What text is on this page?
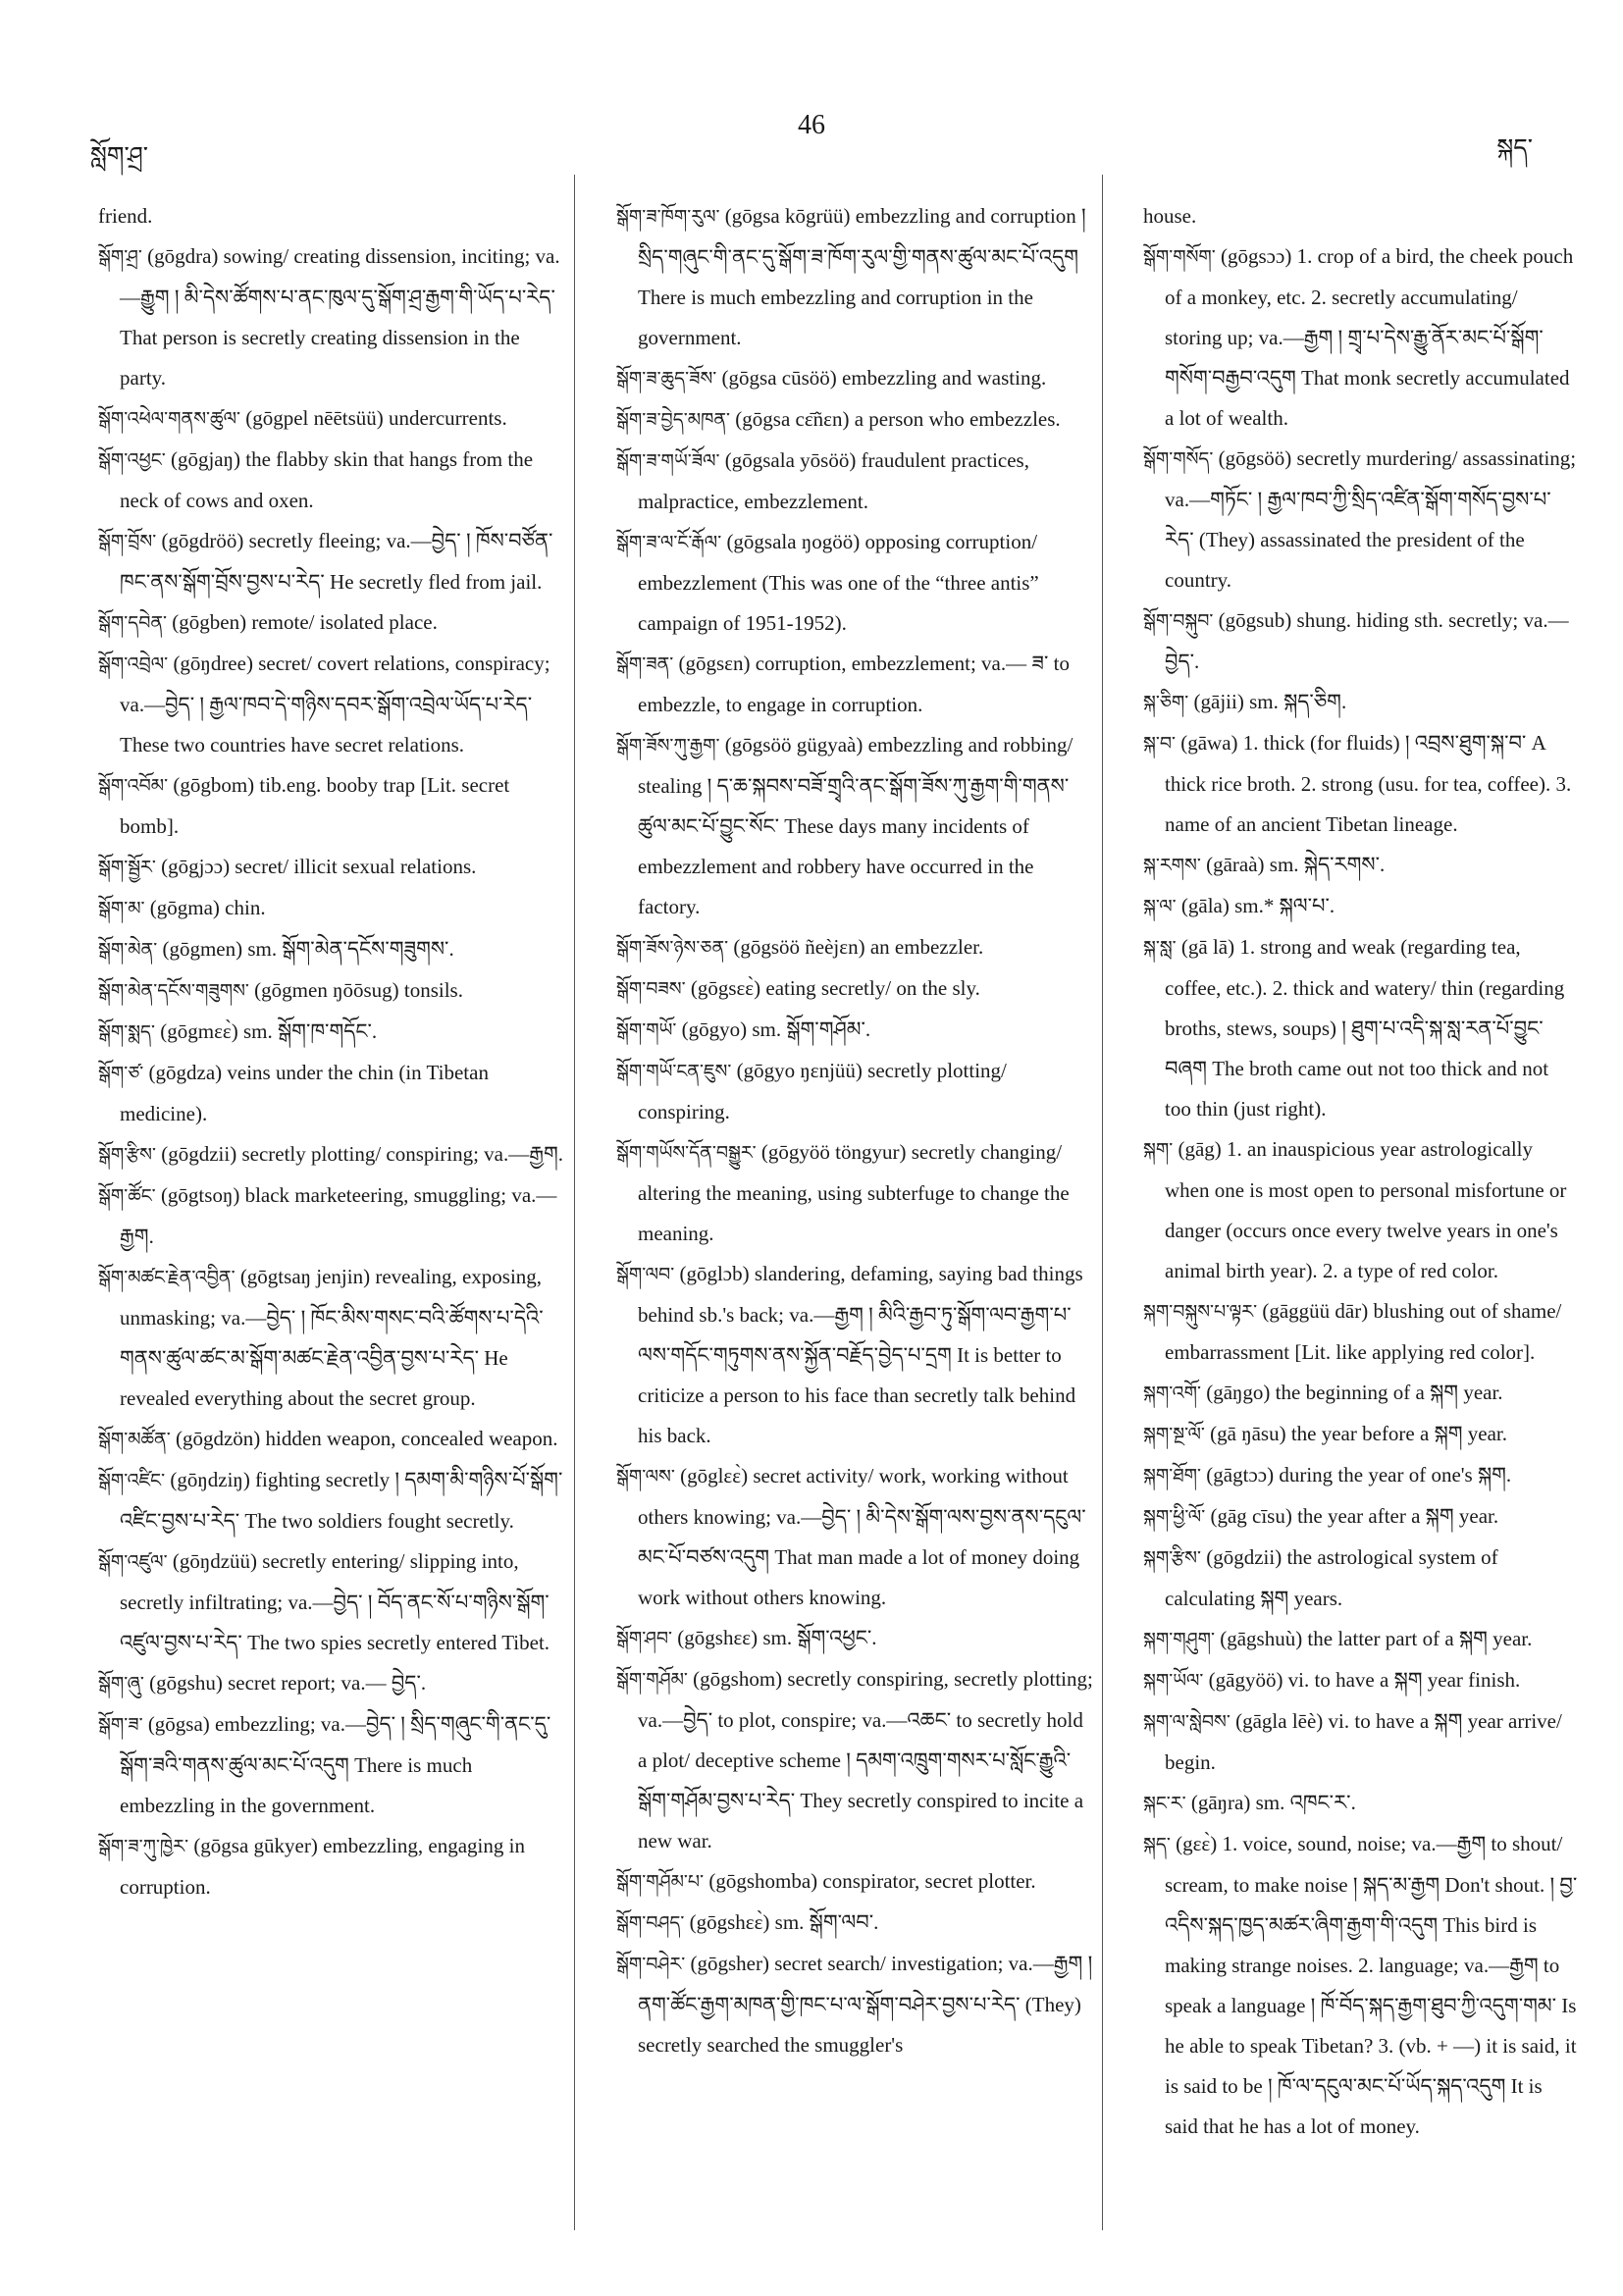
སློག་ཤྲ་
46
སྐད་

friend.

སྒོག་ཤྲ་ (gōgdra) sowing/ creating dissension, inciting; va.—རྒྱུག ། མི་དེས་ཚོགས་པ་ནང་ཁུལ་དུ་སྒོག་ཤྲ་རྒྱག་གི་ཡོད་པ་རེད་ That person is secretly creating dissension in the party.

སྒོག་འཕེལ་གནས་ཚུལ་ (gōgpel nēētsüü) undercurrents.

སྒོག་འཕྱང་ (gōgjaŋ) the flabby skin that hangs from the neck of cows and oxen.

སྒོག་བྲོས་ (gōgdröö) secretly fleeing; va.—བྱེད་ ། ཁོས་བཙོན་ཁང་ནས་སྒོག་བྲོས་བྱས་པ་རེད་ He secretly fled from jail.

སྒོག་དབེན་ (gōgben) remote/ isolated place.

སྒོག་འབྲེལ་ (gōŋdree) secret/ covert relations, conspiracy; va.—བྱེད་ ། རྒྱལ་ཁབ་དེ་གཉིས་དབར་སྒོག་འབྲེལ་ཡོད་པ་རེད་ These two countries have secret relations.

སྒོག་འབོམ་ (gōgbom) tib.eng. booby trap [Lit. secret bomb].

སྒོག་སྦྱོར་ (gōgjɔɔ) secret/ illicit sexual relations.

སྒོག་མ་ (gōgma) chin.

སྒོག་མེན་ (gōgmen) sm. སྒོག་མེན་དངོས་གཟུགས་.

སྒོག་མེན་དངོས་གཟུགས་ (gōgmen ŋōōsug) tonsils.

སྒོག་སྨད་ (gōgmɛɛ̀) sm. སྒོག་ཁ་གདོང་.

སྒོག་ཙ་ (gōgdza) veins under the chin (in Tibetan medicine).

སྒོག་རྩིས་ (gōgdzii) secretly plotting/ conspiring; va.—རྒྱག.

སྒོག་ཚོང་ (gōgtsoŋ) black marketeering, smuggling; va.—རྒྱག.

སྒོག་མཚང་རྗེན་འབྱིན་ (gōgtsaŋ jenjin) revealing, exposing, unmasking; va.—བྱེད་ ། ཁོང་མིས་གསང་བའི་ཚོགས་པ་དེའི་གནས་ཚུལ་ཚང་མ་སྒོག་མཚང་རྗེན་འབྱིན་བྱས་པ་རེད་ He revealed everything about the secret group.

སྒོག་མཚོན་ (gōgdzön) hidden weapon, concealed weapon.

སྒོག་འཛིང་ (gōŋdziŋ) fighting secretly ། དམག་མི་གཉིས་པོ་སྒོག་འཛིང་བྱས་པ་རེད་ The two soldiers fought secretly.

སྒོག་འཛུལ་ (gōŋdzüü) secretly entering/ slipping into, secretly infiltrating; va.—བྱེད་ ། བོད་ནང་སོ་པ་གཉིས་སྒོག་འཛུལ་བྱས་པ་རེད་ The two spies secretly entered Tibet.

སྒོག་ཞུ་ (gōgshu) secret report; va.— བྱེད་.

སྒོག་ཟ་ (gōgsa) embezzling; va.—བྱེད་ ། སྲིད་གཞུང་གི་ནང་དུ་སྒོག་ཟའི་གནས་ཚུལ་མང་པོ་འདུག There is much embezzling in the government.

སྒོག་ཟ་ཀུ་ཁྱེར་ (gōgsa gūkyer) embezzling, engaging in corruption.

སྒོག་ཟ་ཁོག་རུལ་ (gōgsa kōgrüü) embezzling and corruption ། སྲིད་གཞུང་གི་ནང་དུ་སྒོག་ཟ་ཁོག་རུལ་གྱི་གནས་ཚུལ་མང་པོ་འདུག There is much embezzling and corruption in the government.

སྒོག་ཟ་ཆུད་ཟོས་ (gōgsa cūsöö) embezzling and wasting.

སྒོག་ཟ་བྱེད་མཁན་ (gōgsa cɛ̄ñɛn) a person who embezzles.

སྒོག་ཟ་གཡོ་ཟོལ་ (gōgsala yōsöö) fraudulent practices, malpractice, embezzlement.

སྒོག་ཟ་ལ་ངོ་རྒོལ་ (gōgsala ŋogöö) opposing corruption/ embezzlement (This was one of the “three antis” campaign of 1951-1952).

སྒོག་ཟན་ (gōgsɛn) corruption, embezzlement; va.— ཟ་ to embezzle, to engage in corruption.

སྒོག་ཟོས་ཀུ་རྒྱག་ (gōgsöö gügyaà) embezzling and robbing/ stealing ། ད་ཆ་སྐབས་བཟོ་གྲྭའི་ནང་སྒོག་ཟོས་ཀུ་རྒྱག་གི་གནས་ཚུལ་མང་པོ་བྱུང་སོང་ These days many incidents of embezzlement and robbery have occurred in the factory.

སྒོག་ཟོས་ཉེས་ཅན་ (gōgsöö ñeèjɛn) an embezzler.

སྒོག་བཟས་ (gōgsɛɛ̀) eating secretly/ on the sly.

སྒོག་གཡོ་ (gōgyo) sm. སྒོག་གཤོམ་.

སྒོག་གཡོ་ངན་ཇུས་ (gōgyo ŋɛnjüü) secretly plotting/ conspiring.

སྒོག་གཡོས་དོན་བསྒྱུར་ (gōgyöö töngyur) secretly changing/ altering the meaning, using subterfuge to change the meaning.

སྒོག་ལབ་ (gōglɔb) slandering, defaming, saying bad things behind sb.'s back; va.—རྒྱག ། མིའི་རྒྱབ་ཏུ་སྒོག་ལབ་རྒྱག་པ་ལས་གདོང་གཏུགས་ནས་སྐྱོན་བརྗོད་བྱེད་པ་དྲག It is better to criticize a person to his face than secretly talk behind his back.

སྒོག་ལས་ (gōglɛɛ̀) secret activity/ work, working without others knowing; va.—བྱེད་ ། མི་དེས་སྒོག་ལས་བྱས་ནས་དངུལ་མང་པོ་བཙས་འདུག That man made a lot of money doing work without others knowing.

སྒོག་ཤབ་ (gōgshɛɛ) sm. སྒོག་འཕྱང་.

སྒོག་གཤོམ་ (gōgshom) secretly conspiring, secretly plotting; va.—བྱེད་ to plot, conspire; va.—འཆང་ to secretly hold a plot/ deceptive scheme ། དམག་འཁྲུག་གསར་པ་སློང་རྒྱུའི་སྒོག་གཤོམ་བྱས་པ་རེད་ They secretly conspired to incite a new war.

སྒོག་གཤོམ་པ་ (gōgshomba) conspirator, secret plotter.

སྒོག་བཤད་ (gōgshɛɛ̀) sm. སྒོག་ལབ་.

སྒོག་བཤེར་ (gōgsher) secret search/ investigation; va.—རྒྱག ། ནག་ཚོང་རྒྱག་མཁན་གྱི་ཁང་པ་ལ་སྒོག་བཤེར་བྱས་པ་རེད་ (They) secretly searched the smuggler's

house.

སྒོག་གསོག་ (gōgsɔɔ) 1. crop of a bird, the cheek pouch of a monkey, etc. 2. secretly accumulating/ storing up; va.—རྒྱག ། གྲྭ་པ་དེས་རྒྱུ་ནོར་མང་པོ་སྒོག་གསོག་བརྒྱབ་འདུག That monk secretly accumulated a lot of wealth.

སྒོག་གསོད་ (gōgsöö) secretly murdering/ assassinating; va.—གཏོང་ ། རྒྱལ་ཁབ་ཀྱི་སྲིད་འཛིན་སྒོག་གསོད་བྱས་པ་རེད་ (They) assassinated the president of the country.

སྒོག་བསྐུབ་ (gōgsub) shung. hiding sth. secretly; va.—བྱེད་.

སྐ་ཅིག་ (gājii) sm. སྐད་ཅིག.

སྐ་བ་ (gāwa) 1. thick (for fluids) ། འབྲས་ཐུག་སྐ་བ་ A thick rice broth. 2. strong (usu. for tea, coffee). 3. name of an ancient Tibetan lineage.

སྐ་རགས་ (gāraà) sm. སྐེད་རགས་.

སྐ་ལ་ (gāla) sm.* སྐལ་པ་.

སྐ་སླ་ (gā lā) 1. strong and weak (regarding tea, coffee, etc.). 2. thick and watery/ thin (regarding broths, stews, soups) ། ཐུག་པ་འདི་སྐ་སླ་རན་པོ་བྱུང་བཞག The broth came out not too thick and not too thin (just right).

སྐག་ (gāg) 1. an inauspicious year astrologically when one is most open to personal misfortune or danger (occurs once every twelve years in one's animal birth year). 2. a type of red color.

སྐག་བསྐུས་པ་ལྟར་ (gāggüü dār) blushing out of shame/ embarrassment [Lit. like applying red color].

སྐག་འགོ་ (gāŋgo) the beginning of a སྐག year.

སྐག་སྔ་ལོ་ (gā ŋāsu) the year before a སྐག year.

སྐག་ཐོག་ (gāgtɔɔ) during the year of one's སྐག.

སྐག་ཕྱི་ལོ་ (gāg cīsu) the year after a སྐག year.

སྐག་རྩིས་ (gōgdzii) the astrological system of calculating སྐག years.

སྐག་གཤུག་ (gāgshuù) the latter part of a སྐག year.

སྐག་ཡོལ་ (gāgyöö) vi. to have a སྐག year finish.

སྐག་ལ་སླེབས་ (gāgla lēè) vi. to have a སྐག year arrive/ begin.

སྐང་ར་ (gāŋra) sm. འཁང་ར་.

སྐད་ (gɛɛ̀) 1. voice, sound, noise; va.—རྒྱག to shout/ scream, to make noise ། སྐད་མ་རྒྱག Don't shout. ། བྱ་འདིས་སྐད་ཁྱད་མཚར་ཞིག་རྒྱག་གི་འདུག This bird is making strange noises. 2. language; va.—རྒྱག to speak a language ། ཁོ་བོད་སྐད་རྒྱག་ཐུབ་ཀྱི་འདུག་གམ་ Is he able to speak Tibetan? 3. (vb. + —) it is said, it is said to be ། ཁོ་ལ་དངུལ་མང་པོ་ཡོད་སྐད་འདུག It is said that he has a lot of money.
